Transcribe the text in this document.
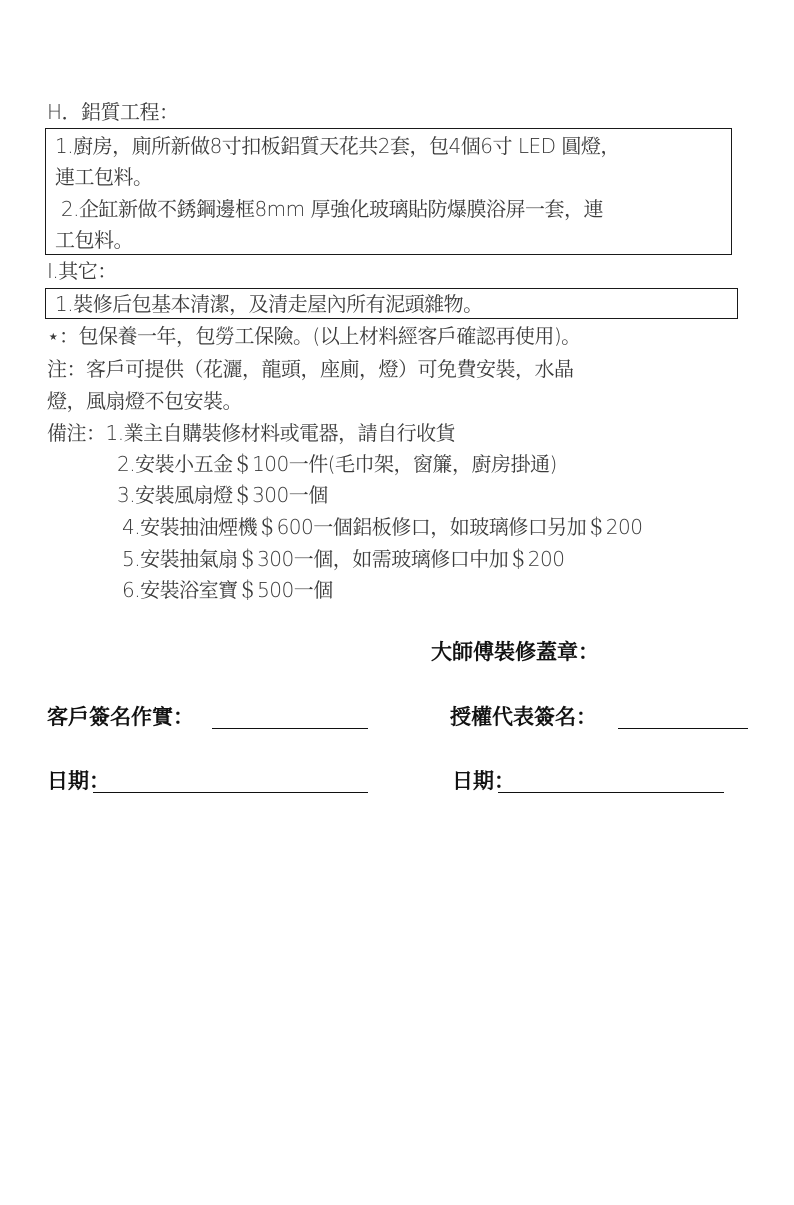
H．鋁質工程：
1.廚房，廁所新做8寸扣板鋁質天花共2套，包4個6寸 LED 圓燈，
連工包料。
2.企缸新做不銹鋼邊框8mm 厚強化玻璃貼防爆膜浴屏一套，連
工包料。
I.其它：
1.裝修后包基本清潔，及清走屋內所有泥頭雜物。
⋆：包保養一年，包勞工保險。(以上材料經客戶確認再使用)。
注：客戶可提供（花灑，龍頭，座廁，燈）可免費安裝，水晶
燈，風扇燈不包安裝。
備注：1.業主自購裝修材料或電器，請自行收貨
2.安裝小五金＄100一件(毛巾架，窗簾，廚房掛通)
3.安裝風扇燈＄300一個
4.安裝抽油煙機＄600一個鋁板修口，如玻璃修口另加＄200
5.安裝抽氣扇＄300一個，如需玻璃修口中加＄200
6.安裝浴室寶＄500一個
大師傅裝修蓋章：
客戶簽名作實：	授權代表簽名：
日期：	日期：
